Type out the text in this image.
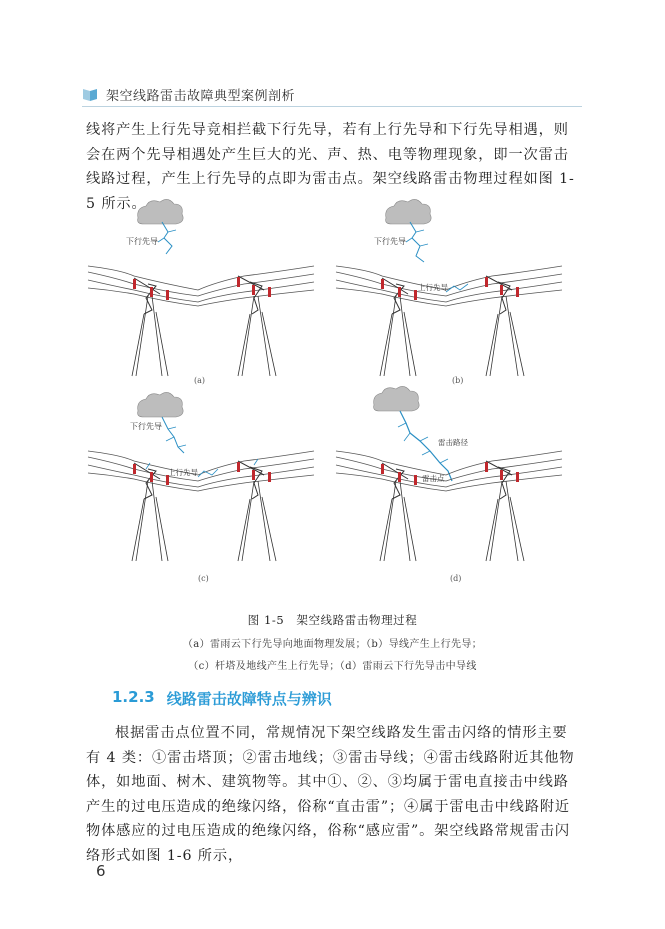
架空线路雷击故障典型案例剖析

线将产生上行先导竞相拦截下行先导，若有上行先导和下行先导相遇，则会在两个先导相遇处产生巨大的光、声、热、电等物理现象，即一次雷击线路过程，产生上行先导的点即为雷击点。架空线路雷击物理过程如图 1-5 所示。

下行先导
(a)
下行先导
上行先导
(b)
下行先导
上行先导
(c)
雷击路径
雷击点
(d)
图 1-5　架空线路雷击物理过程
（a）雷雨云下行先导向地面物理发展；（b）导线产生上行先导；
（c）杆塔及地线产生上行先导；（d）雷雨云下行先导击中导线
1.2.3 线路雷击故障特点与辨识

根据雷击点位置不同，常规情况下架空线路发生雷击闪络的情形主要有 4 类：①雷击塔顶；②雷击地线；③雷击导线；④雷击线路附近其他物体，如地面、树木、建筑物等。其中①、②、③均属于雷电直接击中线路产生的过电压造成的绝缘闪络，俗称“直击雷”；④属于雷电击中线路附近物体感应的过电压造成的绝缘闪络，俗称“感应雷”。架空线路常规雷击闪络形式如图 1-6 所示，

6
